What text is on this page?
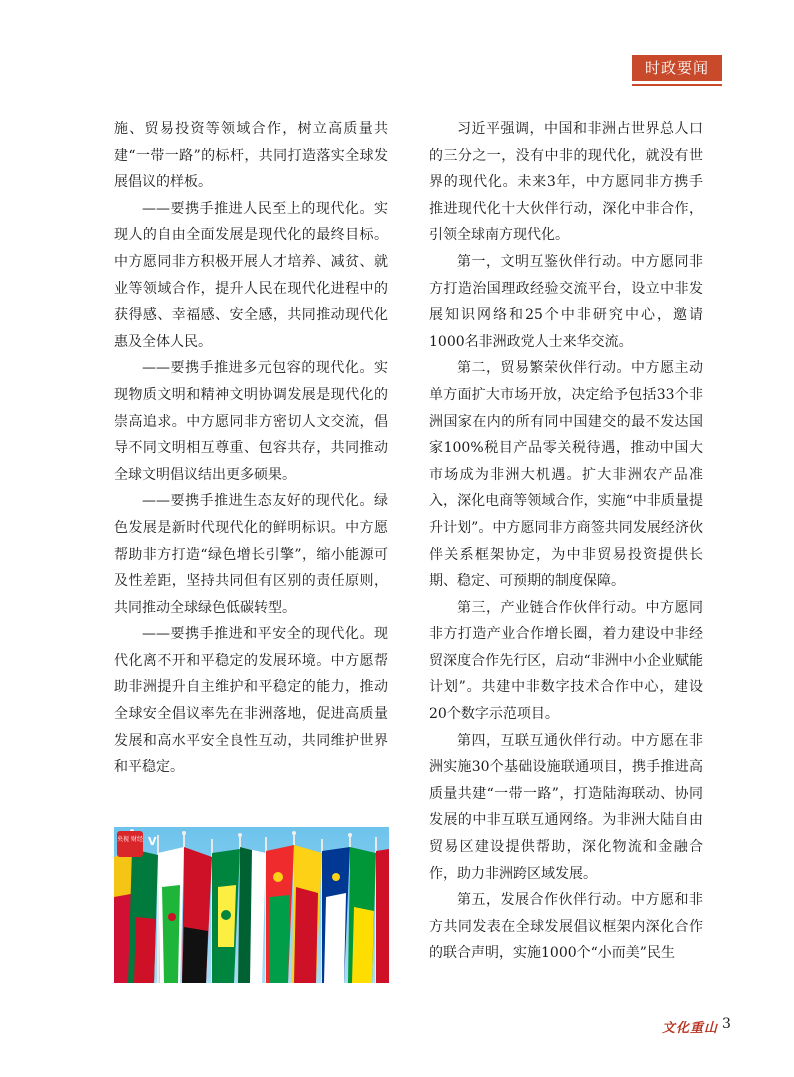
时政要闻

施、贸易投资等领域合作，树立高质量共建“一带一路”的标杆，共同打造落实全球发展倡议的样板。

——要携手推进人民至上的现代化。实现人的自由全面发展是现代化的最终目标。中方愿同非方积极开展人才培养、减贫、就业等领域合作，提升人民在现代化进程中的获得感、幸福感、安全感，共同推动现代化惠及全体人民。

——要携手推进多元包容的现代化。实现物质文明和精神文明协调发展是现代化的崇高追求。中方愿同非方密切人文交流，倡导不同文明相互尊重、包容共存，共同推动全球文明倡议结出更多硕果。

——要携手推进生态友好的现代化。绿色发展是新时代现代化的鲜明标识。中方愿帮助非方打造“绿色增长引擎”，缩小能源可及性差距，坚持共同但有区别的责任原则，共同推动全球绿色低碳转型。

——要携手推进和平安全的现代化。现代化离不开和平稳定的发展环境。中方愿帮助非洲提升自主维护和平稳定的能力，推动全球安全倡议率先在非洲落地，促进高质量发展和高水平安全良性互动，共同维护世界和平稳定。

习近平强调，中国和非洲占世界总人口的三分之一，没有中非的现代化，就没有世界的现代化。未来3年，中方愿同非方携手推进现代化十大伙伴行动，深化中非合作，引领全球南方现代化。

第一，文明互鉴伙伴行动。中方愿同非方打造治国理政经验交流平台，设立中非发展知识网络和25个中非研究中心，邀请1000名非洲政党人士来华交流。

第二，贸易繁荣伙伴行动。中方愿主动单方面扩大市场开放，决定给予包括33个非洲国家在内的所有同中国建交的最不发达国家100%税目产品零关税待遇，推动中国大市场成为非洲大机遇。扩大非洲农产品准入，深化电商等领域合作，实施“中非质量提升计划”。中方愿同非方商签共同发展经济伙伴关系框架协定，为中非贸易投资提供长期、稳定、可预期的制度保障。

第三，产业链合作伙伴行动。中方愿同非方打造产业合作增长圈，着力建设中非经贸深度合作先行区，启动“非洲中小企业赋能计划”。共建中非数字技术合作中心，建设20个数字示范项目。

第四，互联互通伙伴行动。中方愿在非洲实施30个基础设施联通项目，携手推进高质量共建“一带一路”，打造陆海联动、协同发展的中非互联互通网络。为非洲大陆自由贸易区建设提供帮助，深化物流和金融合作，助力非洲跨区域发展。

第五，发展合作伙伴行动。中方愿和非方共同发表在全球发展倡议框架内深化合作的联合声明，实施1000个“小而美”民生

央视 财经 V
文化重山 3
